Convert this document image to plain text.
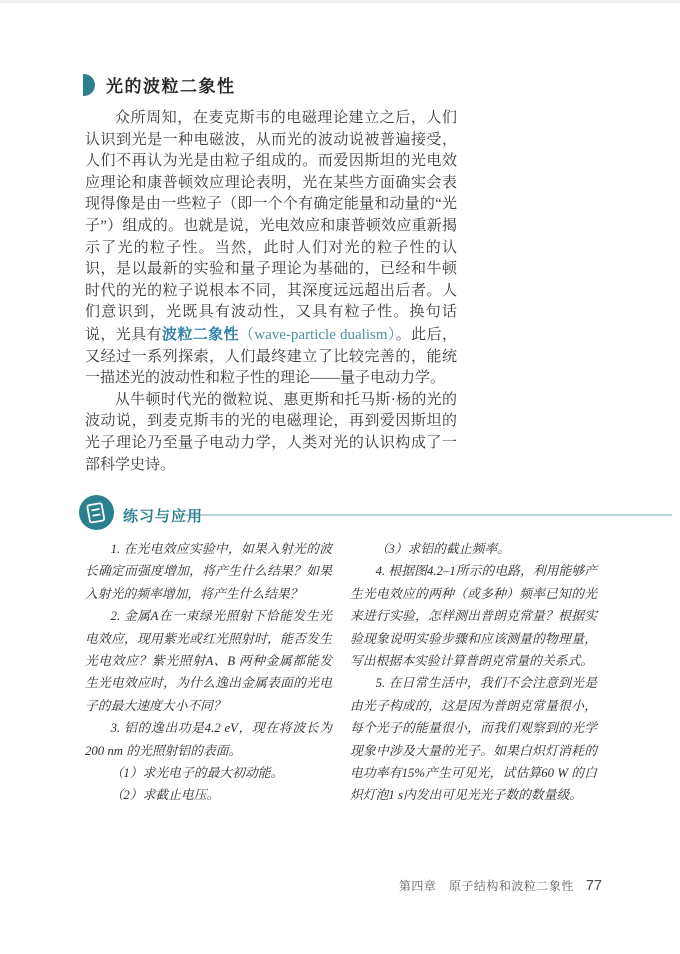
光的波粒二象性

众所周知，在麦克斯韦的电磁理论建立之后，人们认识到光是一种电磁波，从而光的波动说被普遍接受，人们不再认为光是由粒子组成的。而爱因斯坦的光电效应理论和康普顿效应理论表明，光在某些方面确实会表现得像是由一些粒子（即一个个有确定能量和动量的“光子”）组成的。也就是说，光电效应和康普顿效应重新揭示了光的粒子性。当然，此时人们对光的粒子性的认识，是以最新的实验和量子理论为基础的，已经和牛顿时代的光的粒子说根本不同，其深度远远超出后者。人们意识到，光既具有波动性，又具有粒子性。换句话说，光具有波粒二象性（wave-particle dualism）。此后，又经过一系列探索，人们最终建立了比较完善的，能统一描述光的波动性和粒子性的理论——量子电动力学。

从牛顿时代光的微粒说、惠更斯和托马斯·杨的光的波动说，到麦克斯韦的光的电磁理论，再到爱因斯坦的光子理论乃至量子电动力学，人类对光的认识构成了一部科学史诗。

练习与应用

1. 在光电效应实验中，如果入射光的波长确定而强度增加，将产生什么结果？如果入射光的频率增加，将产生什么结果？

2. 金属A在一束绿光照射下恰能发生光电效应，现用紫光或红光照射时，能否发生光电效应？紫光照射A、B 两种金属都能发生光电效应时，为什么逸出金属表面的光电子的最大速度大小不同？

3. 铝的逸出功是4.2 eV，现在将波长为200 nm 的光照射铝的表面。

（1）求光电子的最大初动能。

（2）求截止电压。

（3）求铝的截止频率。

4. 根据图4.2–1所示的电路，利用能够产生光电效应的两种（或多种）频率已知的光来进行实验，怎样测出普朗克常量？根据实验现象说明实验步骤和应该测量的物理量，写出根据本实验计算普朗克常量的关系式。

5. 在日常生活中，我们不会注意到光是由光子构成的，这是因为普朗克常量很小，每个光子的能量很小，而我们观察到的光学现象中涉及大量的光子。如果白炽灯消耗的电功率有15%产生可见光，试估算60 W 的白炽灯泡1 s内发出可见光光子数的数量级。

第四章　原子结构和波粒二象性 77
